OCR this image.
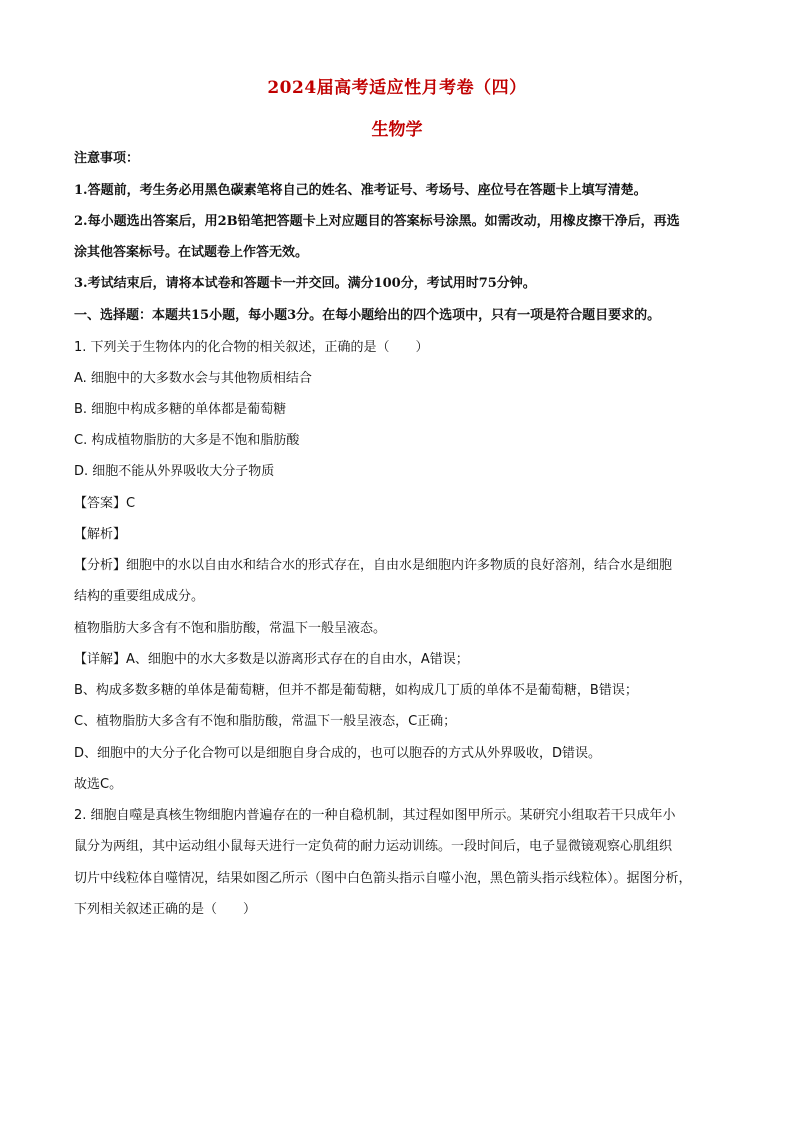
2024届高考适应性月考卷（四）
生物学
注意事项：
1.答题前，考生务必用黑色碳素笔将自己的姓名、准考证号、考场号、座位号在答题卡上填写清楚。
2.每小题选出答案后，用2B铅笔把答题卡上对应题目的答案标号涂黑。如需改动，用橡皮擦干净后，再选
涂其他答案标号。在试题卷上作答无效。
3.考试结束后，请将本试卷和答题卡一并交回。满分100分，考试用时75分钟。
一、选择题：本题共15小题，每小题3分。在每小题给出的四个选项中，只有一项是符合题目要求的。
1. 下列关于生物体内的化合物的相关叙述，正确的是（　　）
A. 细胞中的大多数水会与其他物质相结合
B. 细胞中构成多糖的单体都是葡萄糖
C. 构成植物脂肪的大多是不饱和脂肪酸
D. 细胞不能从外界吸收大分子物质
【答案】C
【解析】
【分析】细胞中的水以自由水和结合水的形式存在，自由水是细胞内许多物质的良好溶剂，结合水是细胞
结构的重要组成成分。
植物脂肪大多含有不饱和脂肪酸，常温下一般呈液态。
【详解】A、细胞中的水大多数是以游离形式存在的自由水，A错误；
B、构成多数多糖的单体是葡萄糖，但并不都是葡萄糖，如构成几丁质的单体不是葡萄糖，B错误；
C、植物脂肪大多含有不饱和脂肪酸，常温下一般呈液态，C正确；
D、细胞中的大分子化合物可以是细胞自身合成的，也可以胞吞的方式从外界吸收，D错误。
故选C。
2. 细胞自噬是真核生物细胞内普遍存在的一种自稳机制，其过程如图甲所示。某研究小组取若干只成年小
鼠分为两组，其中运动组小鼠每天进行一定负荷的耐力运动训练。一段时间后，电子显微镜观察心肌组织
切片中线粒体自噬情况，结果如图乙所示（图中白色箭头指示自噬小泡，黑色箭头指示线粒体）。据图分析，
下列相关叙述正确的是（　　）
